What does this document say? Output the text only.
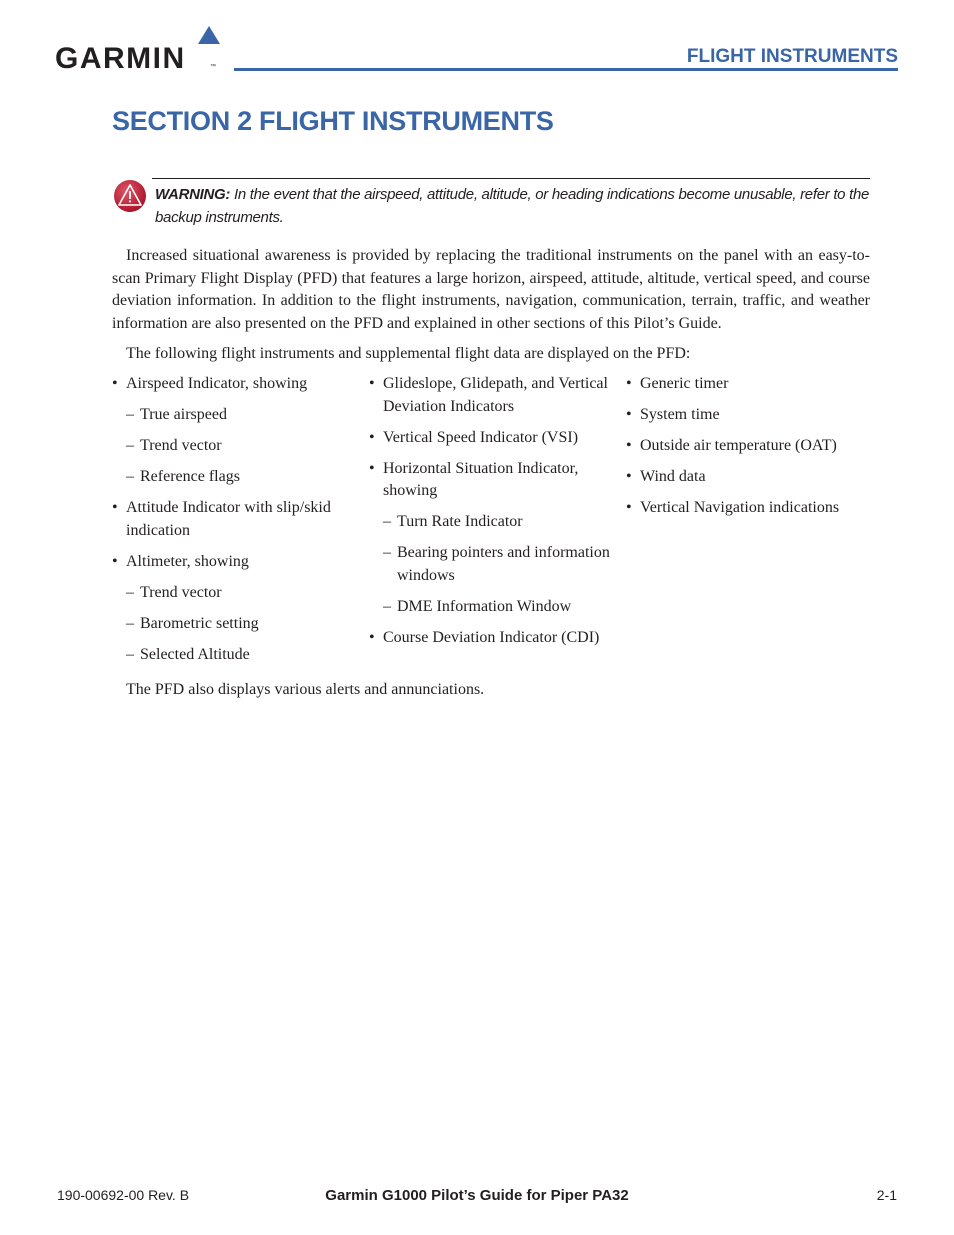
GARMIN	™	FLIGHT INSTRUMENTS
SECTION 2 FLIGHT INSTRUMENTS
WARNING: In the event that the airspeed, attitude, altitude, or heading indications become unusable, refer to the backup instruments.
Increased situational awareness is provided by replacing the traditional instruments on the panel with an easy-to-scan Primary Flight Display (PFD) that features a large horizon, airspeed, attitude, altitude, vertical speed, and course deviation information. In addition to the flight instruments, navigation, communication, terrain, traffic, and weather information are also presented on the PFD and explained in other sections of this Pilot’s Guide.
The following flight instruments and supplemental flight data are displayed on the PFD:
• Airspeed Indicator, showing
– True airspeed
– Trend vector
– Reference flags
• Attitude Indicator with slip/skid indication
• Altimeter, showing
– Trend vector
– Barometric setting
– Selected Altitude
• Glideslope, Glidepath, and Vertical Deviation Indicators
• Vertical Speed Indicator (VSI)
• Horizontal Situation Indicator, showing
– Turn Rate Indicator
– Bearing pointers and information windows
– DME Information Window
• Course Deviation Indicator (CDI)
• Generic timer
• System time
• Outside air temperature (OAT)
• Wind data
• Vertical Navigation indications
The PFD also displays various alerts and annunciations.
190-00692-00 Rev. B	Garmin G1000 Pilot’s Guide for Piper PA32	2-1
